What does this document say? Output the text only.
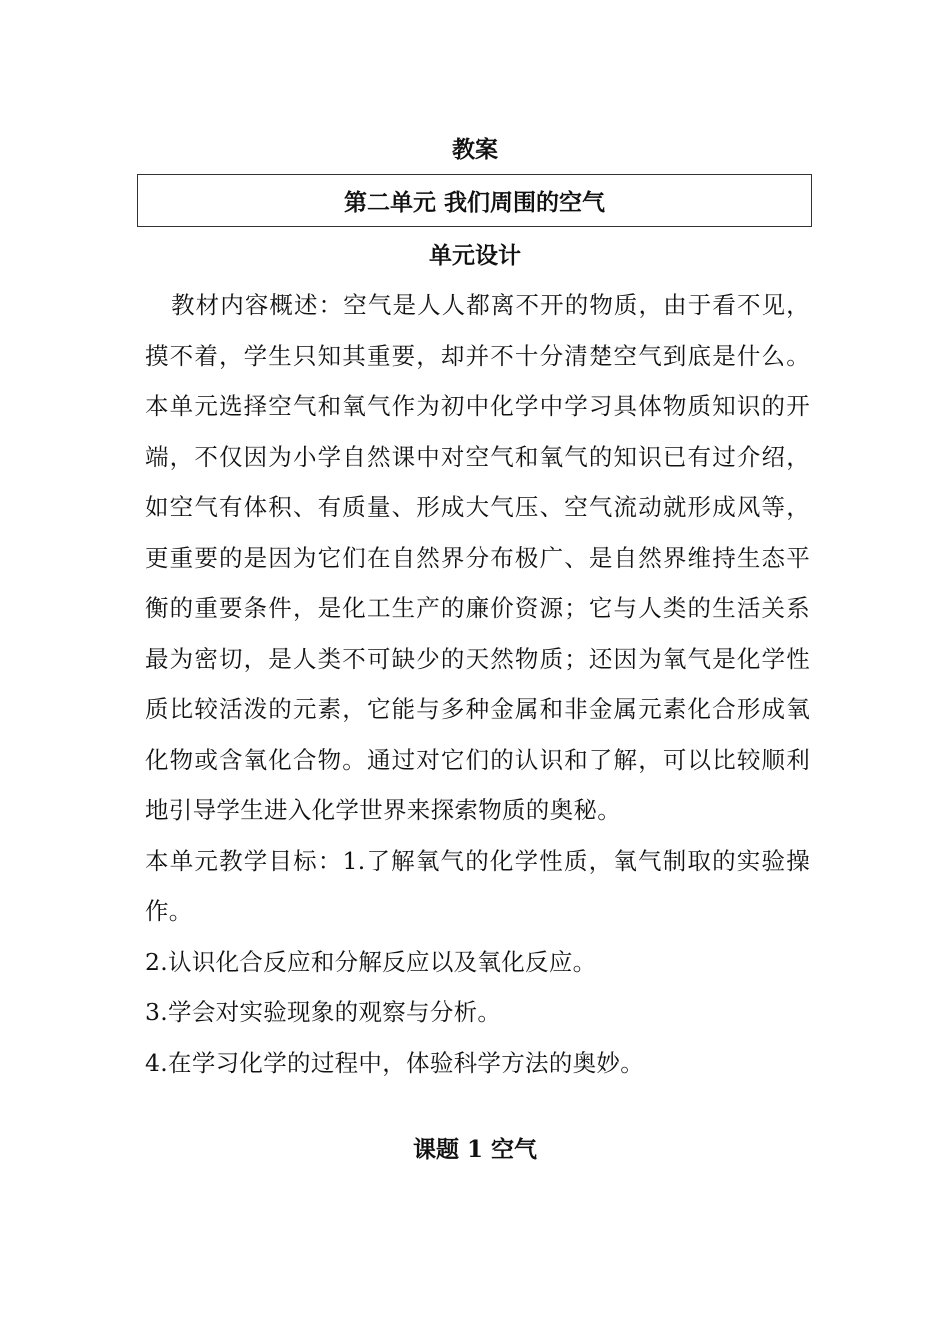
教案
第二单元 我们周围的空气
单元设计

教材内容概述：空气是人人都离不开的物质，由于看不见，摸不着，学生只知其重要，却并不十分清楚空气到底是什么。本单元选择空气和氧气作为初中化学中学习具体物质知识的开端，不仅因为小学自然课中对空气和氧气的知识已有过介绍，如空气有体积、有质量、形成大气压、空气流动就形成风等，更重要的是因为它们在自然界分布极广、是自然界维持生态平衡的重要条件，是化工生产的廉价资源；它与人类的生活关系最为密切，是人类不可缺少的天然物质；还因为氧气是化学性质比较活泼的元素，它能与多种金属和非金属元素化合形成氧化物或含氧化合物。通过对它们的认识和了解，可以比较顺利地引导学生进入化学世界来探索物质的奥秘。

本单元教学目标：1.了解氧气的化学性质，氧气制取的实验操作。

2.认识化合反应和分解反应以及氧化反应。

3.学会对实验现象的观察与分析。

4.在学习化学的过程中，体验科学方法的奥妙。

课题 1 空气
